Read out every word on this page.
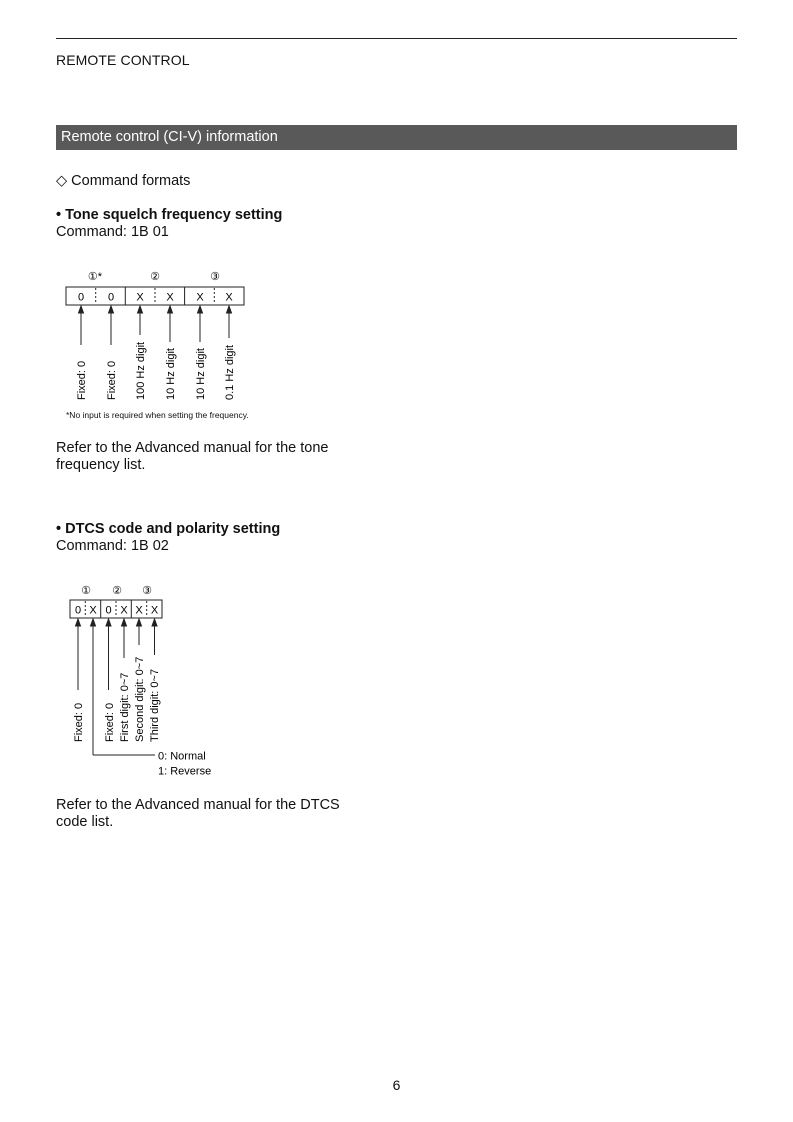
REMOTE CONTROL
Remote control (CI-V) information
◇ Command formats
• Tone squelch frequency setting
Command: 1B 01
①*	②	③
0 0 X X X X
Fixed: 0 Fixed: 0 100 Hz digit 10 Hz digit 10 Hz digit 0.1 Hz digit
*No input is required when setting the frequency.
Refer to the Advanced manual for the tone
frequency list.
• DTCS code and polarity setting
Command: 1B 02
① ② ③
0 X 0 X X X
Fixed: 0 Fixed: 0 First digit: 0~7 Second digit: 0~7 Third digit: 0~7
0: Normal
1: Reverse
Refer to the Advanced manual for the DTCS
code list.
6
